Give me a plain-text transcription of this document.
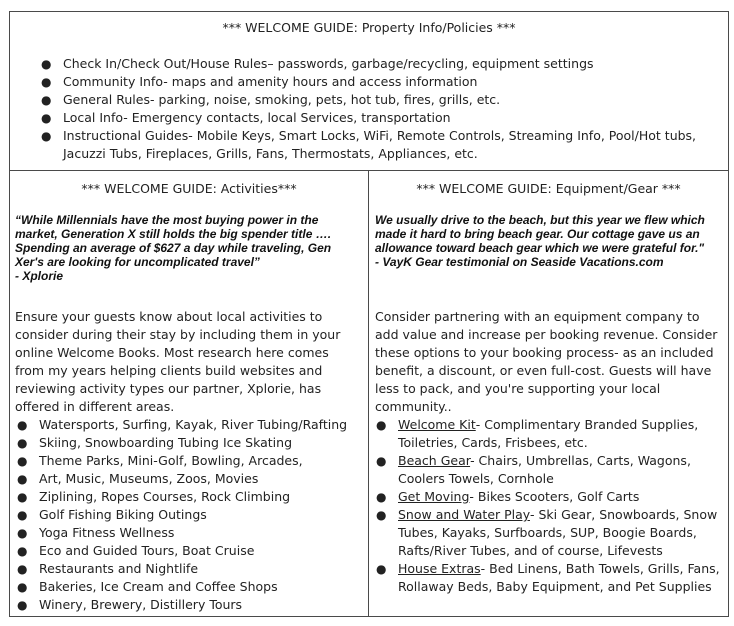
*** WELCOME GUIDE: Property Info/Policies ***
● Check In/Check Out/House Rules– passwords, garbage/recycling, equipment settings
● Community Info- maps and amenity hours and access information
● General Rules- parking, noise, smoking, pets, hot tub, fires, grills, etc.
● Local Info- Emergency contacts, local Services, transportation
● Instructional Guides- Mobile Keys, Smart Locks, WiFi, Remote Controls, Streaming Info, Pool/Hot tubs, Jacuzzi Tubs, Fireplaces, Grills, Fans, Thermostats, Appliances, etc.
*** WELCOME GUIDE: Activities***
“While Millennials have the most buying power in the market, Generation X still holds the big spender title …. Spending an average of $627 a day while traveling, Gen Xer's are looking for uncomplicated travel”
- Xplorie
Ensure your guests know about local activities to consider during their stay by including them in your online Welcome Books. Most research here comes from my years helping clients build websites and reviewing activity types our partner, Xplorie, has offered in different areas.
● Watersports, Surfing, Kayak, River Tubing/Rafting
● Skiing, Snowboarding Tubing Ice Skating
● Theme Parks, Mini-Golf, Bowling, Arcades,
● Art, Music, Museums, Zoos, Movies
● Ziplining, Ropes Courses, Rock Climbing
● Golf Fishing Biking Outings
● Yoga Fitness Wellness
● Eco and Guided Tours, Boat Cruise
● Restaurants and Nightlife
● Bakeries, Ice Cream and Coffee Shops
● Winery, Brewery, Distillery Tours
*** WELCOME GUIDE: Equipment/Gear ***
We usually drive to the beach, but this year we flew which made it hard to bring beach gear. Our cottage gave us an allowance toward beach gear which we were grateful for."
- VayK Gear testimonial on Seaside Vacations.com
Consider partnering with an equipment company to add value and increase per booking revenue. Consider these options to your booking process- as an included benefit, a discount, or even full-cost. Guests will have less to pack, and you're supporting your local community..
● Welcome Kit- Complimentary Branded Supplies, Toiletries, Cards, Frisbees, etc.
● Beach Gear- Chairs, Umbrellas, Carts, Wagons, Coolers Towels, Cornhole
● Get Moving- Bikes Scooters, Golf Carts
● Snow and Water Play- Ski Gear, Snowboards, Snow Tubes, Kayaks, Surfboards, SUP, Boogie Boards, Rafts/River Tubes, and of course, Lifevests
● House Extras- Bed Linens, Bath Towels, Grills, Fans, Rollaway Beds, Baby Equipment, and Pet Supplies
